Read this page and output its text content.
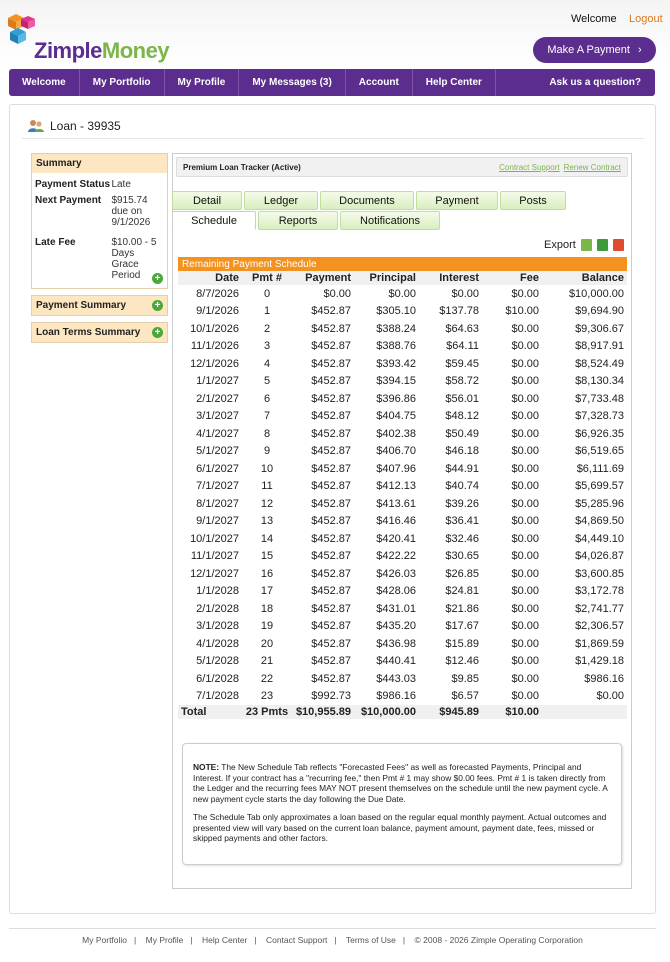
ZimpleMoney
Welcome Logout
Make A Payment ›
Welcome	My Portfolio	My Profile	My Messages (3)	Account	Help Center	Ask us a question?
Loan - 39935
Summary
Payment Status Late
Next Payment	$915.74 due on 9/1/2026
Late Fee	$10.00 - 5 Days Grace Period	+
Payment Summary	+
Loan Terms Summary +
Premium Loan Tracker (Active)	Contract Support Renew Contract
Detail	Ledger	Documents	Payment	Posts
Schedule	Reports	Notifications
Export
Remaining Payment Schedule
Date	Pmt #	Payment	Principal	Interest	Fee	Balance
8/7/2026	0	$0.00	$0.00	$0.00	$0.00	$10,000.00
9/1/2026	1	$452.87	$305.10	$137.78	$10.00	$9,694.90
10/1/2026	2	$452.87	$388.24	$64.63	$0.00	$9,306.67
11/1/2026	3	$452.87	$388.76	$64.11	$0.00	$8,917.91
12/1/2026	4	$452.87	$393.42	$59.45	$0.00	$8,524.49
1/1/2027	5	$452.87	$394.15	$58.72	$0.00	$8,130.34
2/1/2027	6	$452.87	$396.86	$56.01	$0.00	$7,733.48
3/1/2027	7	$452.87	$404.75	$48.12	$0.00	$7,328.73
4/1/2027	8	$452.87	$402.38	$50.49	$0.00	$6,926.35
5/1/2027	9	$452.87	$406.70	$46.18	$0.00	$6,519.65
6/1/2027	10	$452.87	$407.96	$44.91	$0.00	$6,111.69
7/1/2027	11	$452.87	$412.13	$40.74	$0.00	$5,699.57
8/1/2027	12	$452.87	$413.61	$39.26	$0.00	$5,285.96
9/1/2027	13	$452.87	$416.46	$36.41	$0.00	$4,869.50
10/1/2027	14	$452.87	$420.41	$32.46	$0.00	$4,449.10
11/1/2027	15	$452.87	$422.22	$30.65	$0.00	$4,026.87
12/1/2027	16	$452.87	$426.03	$26.85	$0.00	$3,600.85
1/1/2028	17	$452.87	$428.06	$24.81	$0.00	$3,172.78
2/1/2028	18	$452.87	$431.01	$21.86	$0.00	$2,741.77
3/1/2028	19	$452.87	$435.20	$17.67	$0.00	$2,306.57
4/1/2028	20	$452.87	$436.98	$15.89	$0.00	$1,869.59
5/1/2028	21	$452.87	$440.41	$12.46	$0.00	$1,429.18
6/1/2028	22	$452.87	$443.03	$9.85	$0.00	$986.16
7/1/2028	23	$992.73	$986.16	$6.57	$0.00	$0.00
Total	23 Pmts	$10,955.89	$10,000.00	$945.89	$10.00	

NOTE: The New Schedule Tab reflects "Forecasted Fees" as well as forecasted Payments, Principal and Interest. If your contract has a "recurring fee," then Pmt # 1 may show $0.00 fees. Pmt # 1 is taken directly from the Ledger and the recurring fees MAY NOT present themselves on the schedule until the new payment cycle. A new payment cycle starts the day following the Due Date.

The Schedule Tab only approximates a loan based on the regular equal monthly payment. Actual outcomes and presented view will vary based on the current loan balance, payment amount, payment date, fees, missed or skipped payments and other factors.

My Portfolio | My Profile | Help Center | Contact Support | Terms of Use | © 2008 - 2026 Zimple Operating Corporation
